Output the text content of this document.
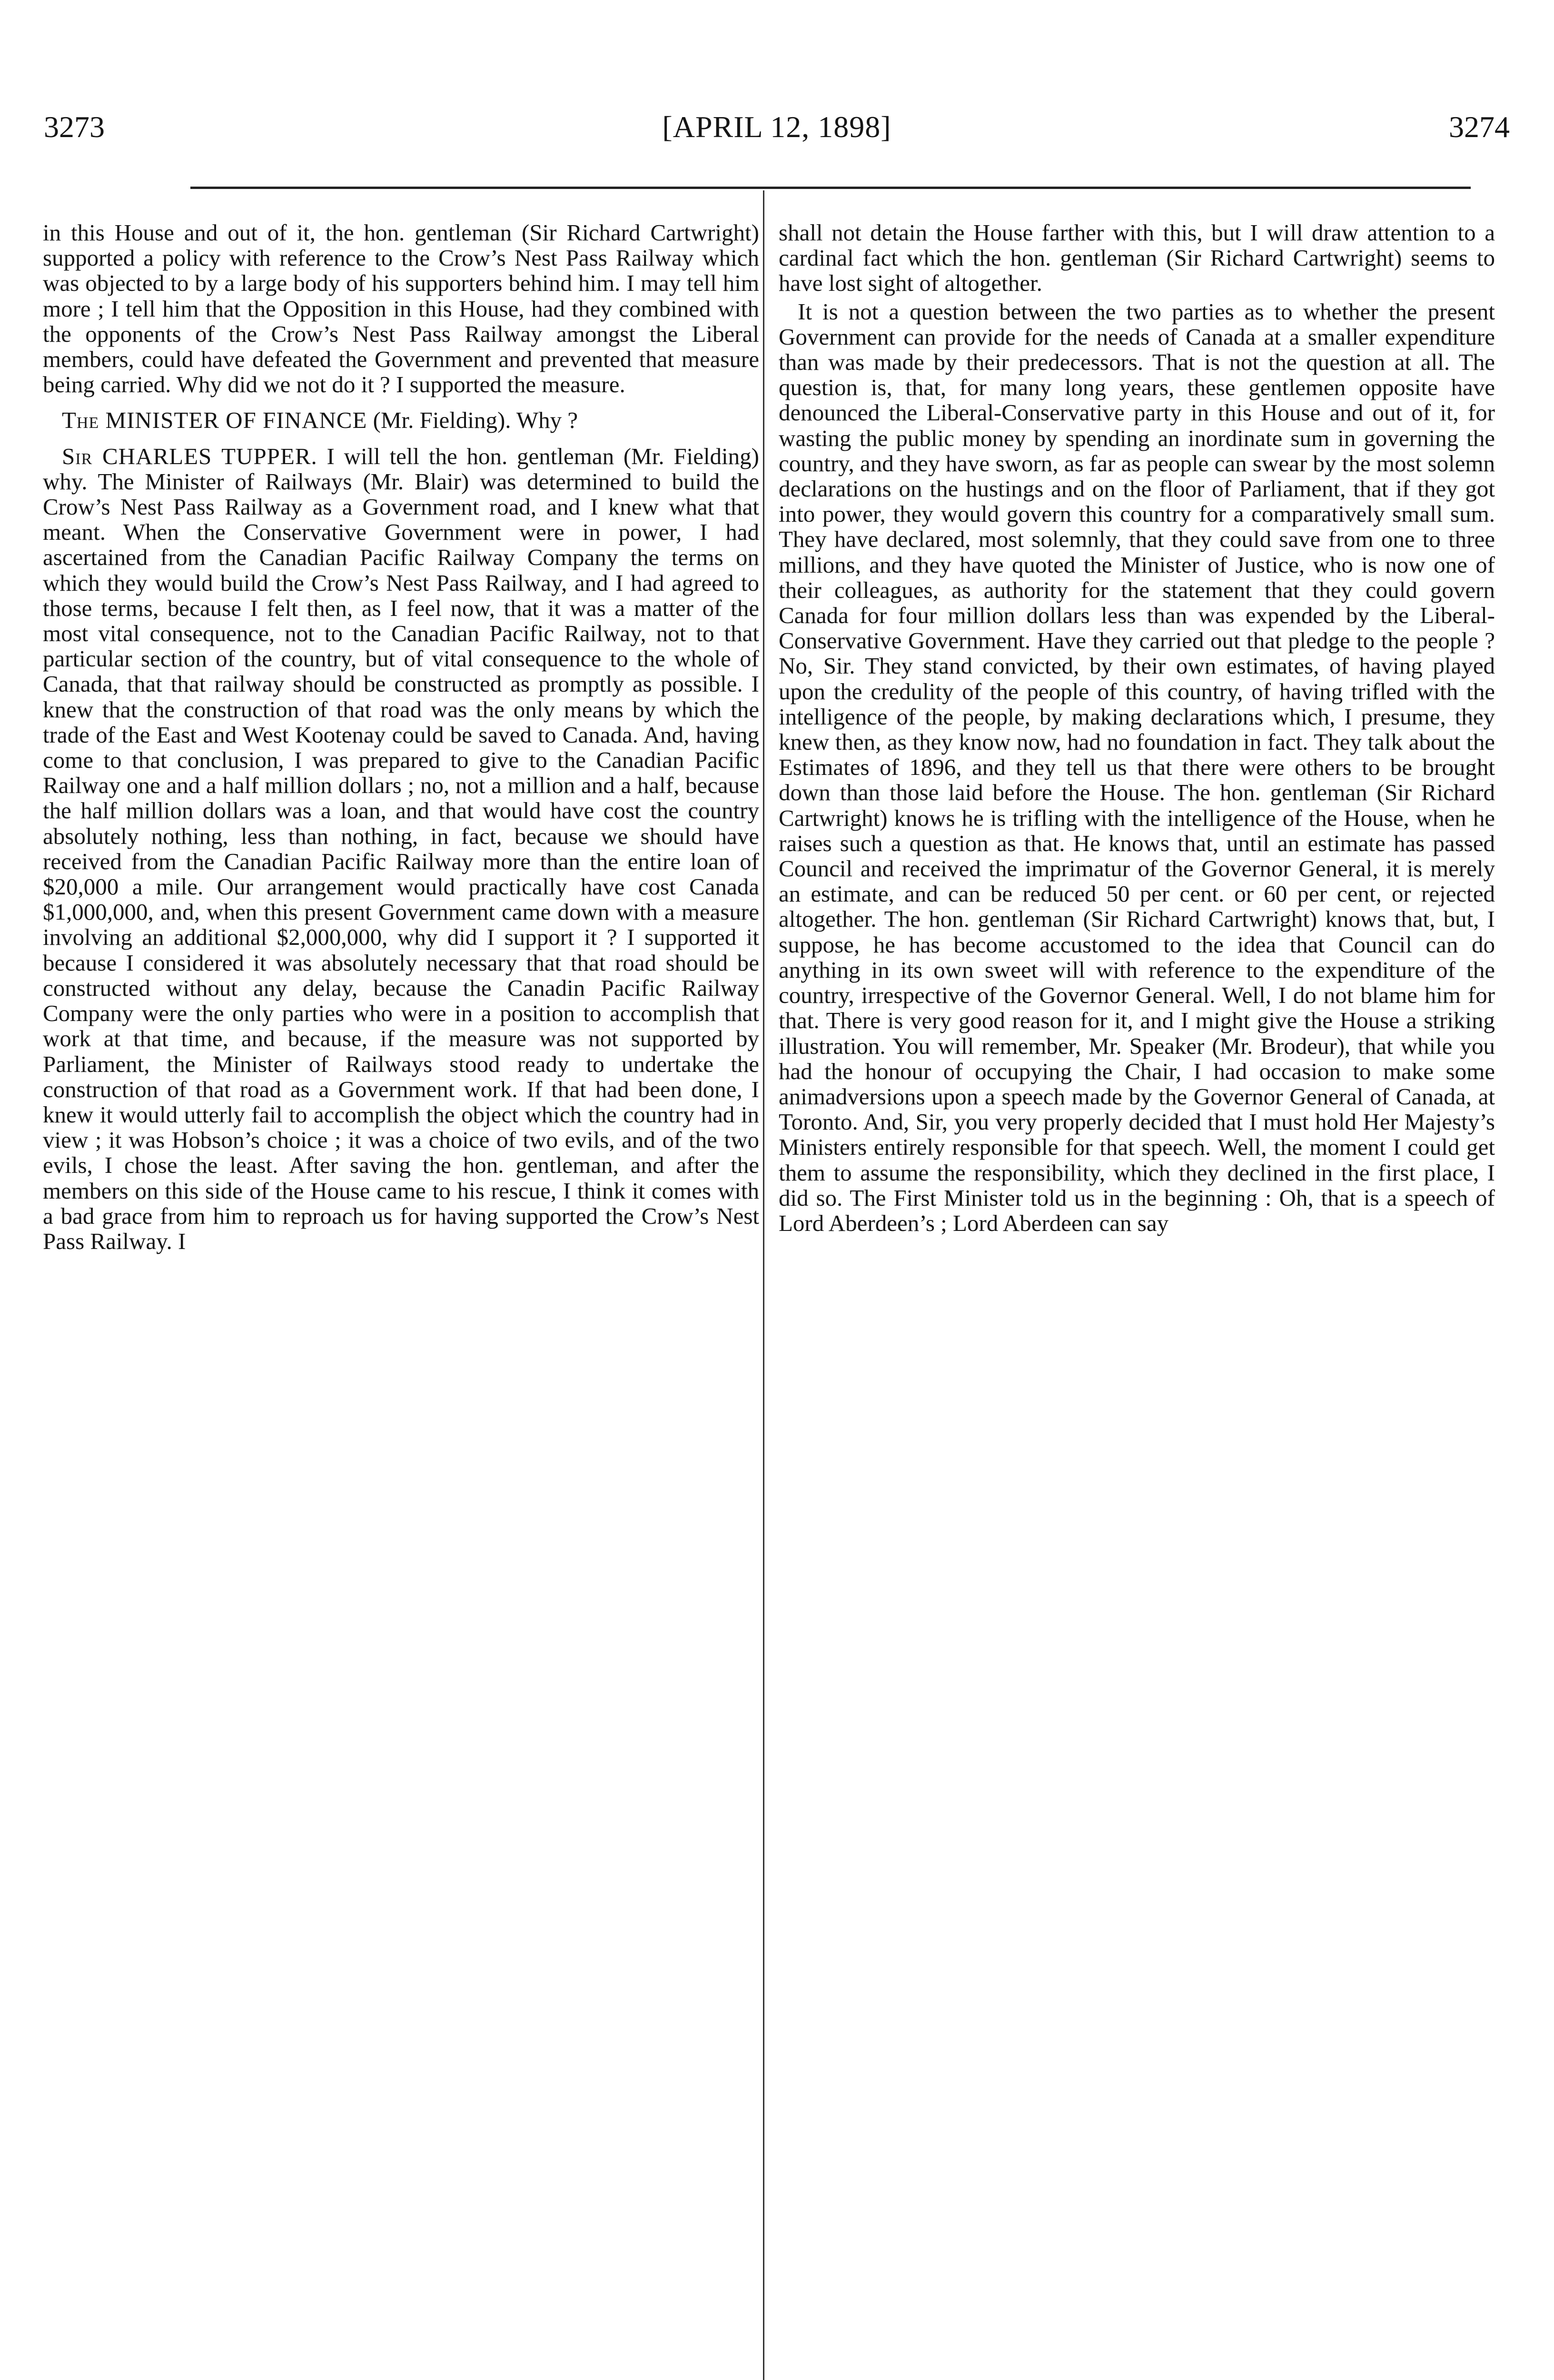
3273	[APRIL 12, 1898]	3274

in this House and out of it, the hon. gentleman (Sir Richard Cartwright) supported a policy with reference to the Crow’s Nest Pass Railway which was objected to by a large body of his supporters behind him. I may tell him more ; I tell him that the Opposition in this House, had they combined with the opponents of the Crow’s Nest Pass Railway amongst the Liberal members, could have defeated the Government and prevented that measure being carried. Why did we not do it ? I supported the measure.

The MINISTER OF FINANCE (Mr. Fielding). Why ?

Sir CHARLES TUPPER. I will tell the hon. gentleman (Mr. Fielding) why. The Minister of Railways (Mr. Blair) was determined to build the Crow’s Nest Pass Railway as a Government road, and I knew what that meant. When the Conservative Government were in power, I had ascertained from the Canadian Pacific Railway Company the terms on which they would build the Crow’s Nest Pass Railway, and I had agreed to those terms, because I felt then, as I feel now, that it was a matter of the most vital consequence, not to the Canadian Pacific Railway, not to that particular section of the country, but of vital consequence to the whole of Canada, that that railway should be constructed as promptly as possible. I knew that the construction of that road was the only means by which the trade of the East and West Kootenay could be saved to Canada. And, having come to that conclusion, I was prepared to give to the Canadian Pacific Railway one and a half million dollars ; no, not a million and a half, because the half million dollars was a loan, and that would have cost the country absolutely nothing, less than nothing, in fact, because we should have received from the Canadian Pacific Railway more than the entire loan of $20,000 a mile. Our arrangement would practically have cost Canada $1,000,000, and, when this present Government came down with a measure involving an additional $2,000,000, why did I support it ? I supported it because I considered it was absolutely necessary that that road should be constructed without any delay, because the Canadin Pacific Railway Company were the only parties who were in a position to accomplish that work at that time, and because, if the measure was not supported by Parliament, the Minister of Railways stood ready to undertake the construction of that road as a Government work. If that had been done, I knew it would utterly fail to accomplish the object which the country had in view ; it was Hobson’s choice ; it was a choice of two evils, and of the two evils, I chose the least. After saving the hon. gentleman, and after the members on this side of the House came to his rescue, I think it comes with a bad grace from him to reproach us for having supported the Crow’s Nest Pass Railway. I

shall not detain the House farther with this, but I will draw attention to a cardinal fact which the hon. gentleman (Sir Richard Cartwright) seems to have lost sight of altogether.

It is not a question between the two parties as to whether the present Government can provide for the needs of Canada at a smaller expenditure than was made by their predecessors. That is not the question at all. The question is, that, for many long years, these gentlemen opposite have denounced the Liberal-Conservative party in this House and out of it, for wasting the public money by spending an inordinate sum in governing the country, and they have sworn, as far as people can swear by the most solemn declarations on the hustings and on the floor of Parliament, that if they got into power, they would govern this country for a comparatively small sum. They have declared, most solemnly, that they could save from one to three millions, and they have quoted the Minister of Justice, who is now one of their colleagues, as authority for the statement that they could govern Canada for four million dollars less than was expended by the Liberal-Conservative Government. Have they carried out that pledge to the people ? No, Sir. They stand convicted, by their own estimates, of having played upon the credulity of the people of this country, of having trifled with the intelligence of the people, by making declarations which, I presume, they knew then, as they know now, had no foundation in fact. They talk about the Estimates of 1896, and they tell us that there were others to be brought down than those laid before the House. The hon. gentleman (Sir Richard Cartwright) knows he is trifling with the intelligence of the House, when he raises such a question as that. He knows that, until an estimate has passed Council and received the imprimatur of the Governor General, it is merely an estimate, and can be reduced 50 per cent. or 60 per cent, or rejected altogether. The hon. gentleman (Sir Richard Cartwright) knows that, but, I suppose, he has become accustomed to the idea that Council can do anything in its own sweet will with reference to the expenditure of the country, irrespective of the Governor General. Well, I do not blame him for that. There is very good reason for it, and I might give the House a striking illustration. You will remember, Mr. Speaker (Mr. Brodeur), that while you had the honour of occupying the Chair, I had occasion to make some animadversions upon a speech made by the Governor General of Canada, at Toronto. And, Sir, you very properly decided that I must hold Her Majesty’s Ministers entirely responsible for that speech. Well, the moment I could get them to assume the responsibility, which they declined in the first place, I did so. The First Minister told us in the beginning : Oh, that is a speech of Lord Aberdeen’s ; Lord Aberdeen can say
